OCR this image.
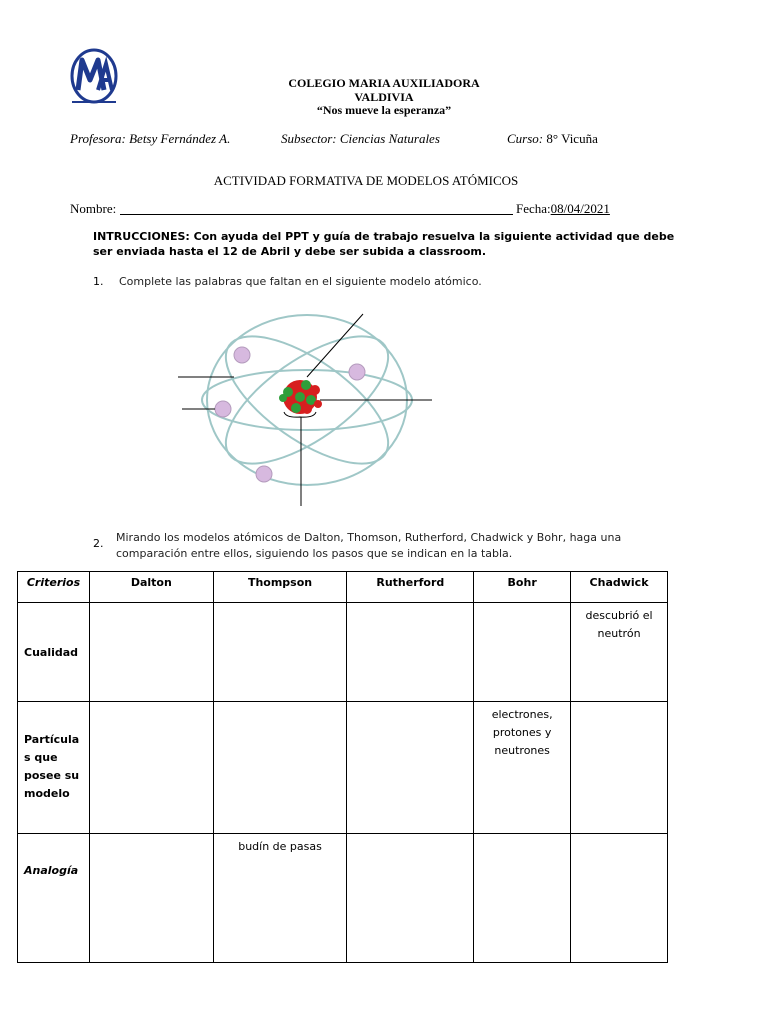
COLEGIO MARIA AUXILIADORA
VALDIVIA
“Nos mueve la esperanza”
Profesora: Betsy Fernández A.	Subsector: Ciencias Naturales	Curso: 8° Vicuña
ACTIVIDAD FORMATIVA DE MODELOS ATÓMICOS
Nombre:	Fecha:08/04/2021
INTRUCCIONES: Con ayuda del PPT y guía de trabajo resuelva la siguiente actividad que debe ser enviada hasta el 12 de Abril y debe ser subida a classroom.
1. Complete las palabras que faltan en el siguiente modelo atómico.
2. Mirando los modelos atómicos de Dalton, Thomson, Rutherford, Chadwick y Bohr, haga una comparación entre ellos, siguiendo los pasos que se indican en la tabla.
Criterios	Dalton	Thompson	Rutherford	Bohr	Chadwick
Cualidad					descubrió el neutrón
Partícula s que posee su modelo				electrones, protones y neutrones	
Analogía		budín de pasas			
